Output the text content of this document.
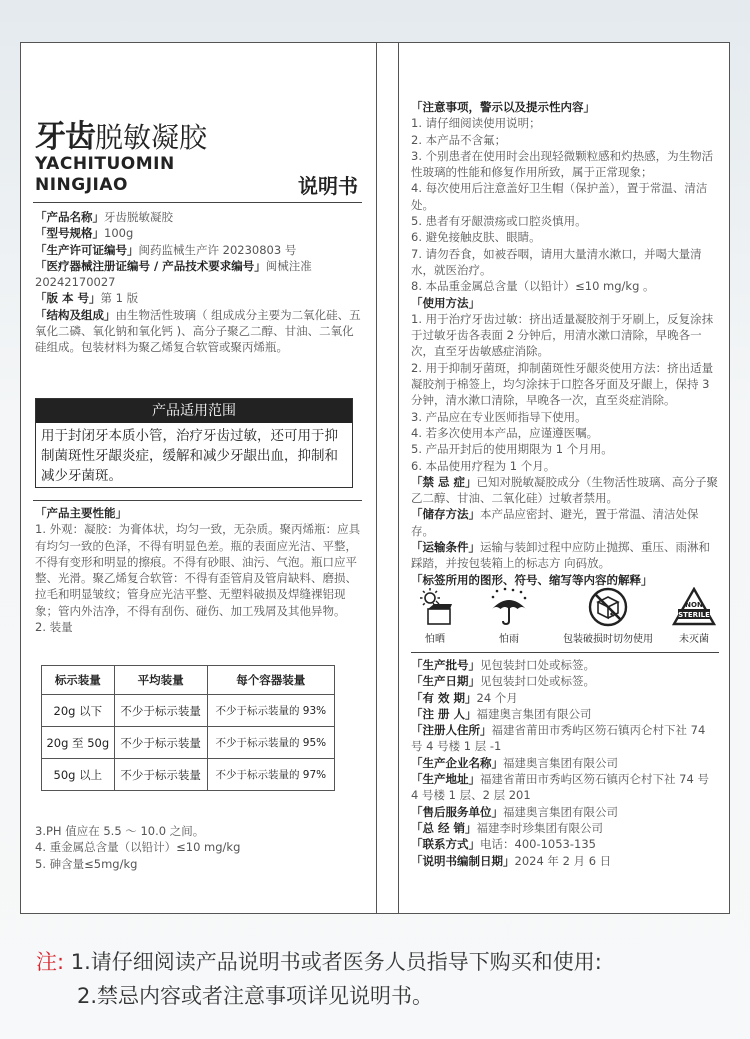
牙齿脱敏凝胶
YACHITUOMIN
NINGJIAO	说明书
「产品名称」牙齿脱敏凝胶
「型号规格」100g
「生产许可证编号」闽药监械生产许 20230803 号
「医疗器械注册证编号 / 产品技术要求编号」闽械注准20242170027
「版 本 号」第 1 版
「结构及组成」由生物活性玻璃（ 组成成分主要为二氧化硅、五氧化二磷、氧化钠和氧化钙 )、高分子聚乙二醇、甘油、二氧化硅组成。包装材料为聚乙烯复合软管或聚丙烯瓶。
产品适用范围
用于封闭牙本质小管，治疗牙齿过敏，还可用于抑制菌斑性牙龈炎症，缓解和减少牙龈出血，抑制和减少牙菌斑。
「产品主要性能」
1. 外观：凝胶：为膏体状，均匀一致，无杂质。聚丙烯瓶：应具有均匀一致的色泽，不得有明显色差。瓶的表面应光洁、平整，不得有变形和明显的擦痕。不得有砂眼、油污、气泡。瓶口应平整、光滑。聚乙烯复合软管：不得有歪管肩及管肩缺料、磨损、拉毛和明显皱纹；管身应光洁平整、无塑料破损及焊缝裸铝现象；管内外洁净，不得有刮伤、碰伤、加工残屑及其他异物。
2. 装量
标示装量	平均装量	每个容器装量
20g 以下	不少于标示装量	不少于标示装量的 93%
20g 至 50g	不少于标示装量	不少于标示装量的 95%
50g 以上	不少于标示装量	不少于标示装量的 97%
3.PH 值应在 5.5 ～ 10.0 之间。
4. 重金属总含量（以铅计）≤10 mg/kg
5. 砷含量≤5mg/kg
「注意事项，警示以及提示性内容」
1. 请仔细阅读使用说明；
2. 本产品不含氟；
3. 个别患者在使用时会出现轻微颗粒感和灼热感，为生物活性玻璃的性能和修复作用所致，属于正常现象；
4. 每次使用后注意盖好卫生帽（保护盖），置于常温、清洁处。
5. 患者有牙龈溃疡或口腔炎慎用。
6. 避免接触皮肤、眼睛。
7. 请勿吞食，如被吞咽，请用大量清水漱口，并喝大量清水，就医治疗。
8. 本品重金属总含量（以铅计）≤10 mg/kg 。
「使用方法」
1. 用于治疗牙齿过敏：挤出适量凝胶剂于牙刷上，反复涂抹于过敏牙齿各表面 2 分钟后，用清水漱口清除，早晚各一次，直至牙齿敏感症消除。
2. 用于抑制牙菌斑，抑制菌斑性牙龈炎使用方法：挤出适量凝胶剂于棉签上，均匀涂抹于口腔各牙面及牙龈上，保持 3 分钟，清水漱口清除，早晚各一次，直至炎症消除。
3. 产品应在专业医师指导下使用。
4. 若多次使用本产品，应谨遵医嘱。
5. 产品开封后的使用期限为 1 个月用。
6. 本品使用疗程为 1 个月。
「禁 忌 症」已知对脱敏凝胶成分（生物活性玻璃、高分子聚乙二醇、甘油、二氧化硅）过敏者禁用。
「储存方法」本产品应密封、避光，置于常温、清洁处保存。
「运输条件」运输与装卸过程中应防止抛掷、重压、雨淋和踩踏，并按包装箱上的标志方 向码放。
「标签所用的图形、符号、缩写等内容的解释」
怕晒	怕雨	包装破损时切勿使用
NON
STERILE
未灭菌
「生产批号」见包装封口处或标签。
「生产日期」见包装封口处或标签。
「有 效 期」24 个月
「注 册 人」福建奥言集团有限公司
「注册人住所」福建省莆田市秀屿区笏石镇丙仑村下社 74 号 4 号楼 1 层 -1
「生产企业名称」福建奥言集团有限公司
「生产地址」福建省莆田市秀屿区笏石镇丙仑村下社 74 号 4 号楼 1 层、2 层 201
「售后服务单位」福建奥言集团有限公司
「总 经 销」福建李时珍集团有限公司
「联系方式」电话：400-1053-135
「说明书编制日期」2024 年 2 月 6 日
注: 1.请仔细阅读产品说明书或者医务人员指导下购买和使用:
2.禁忌内容或者注意事项详见说明书。
